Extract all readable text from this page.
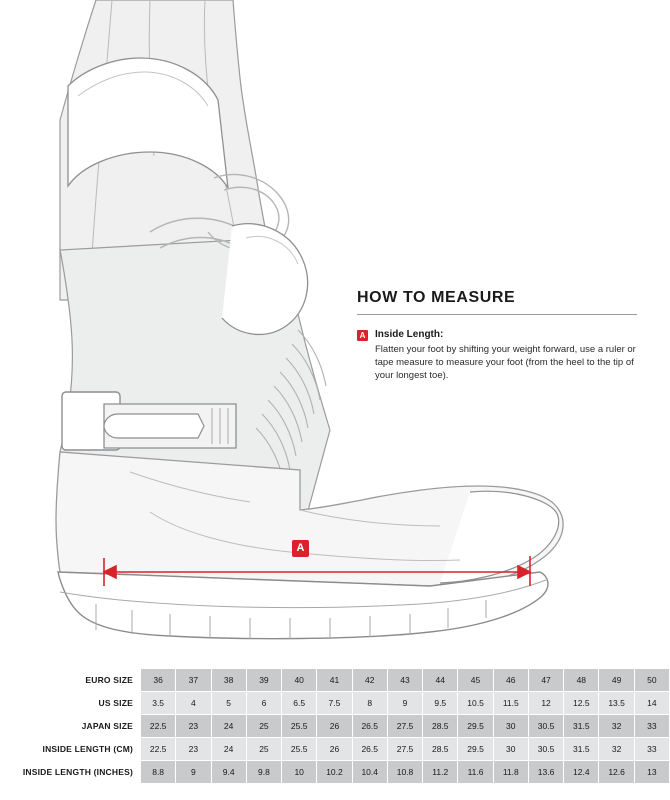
A
HOW TO MEASURE
A Inside Length:
Flatten your foot by shifting your weight forward, use a ruler or tape measure to measure your foot (from the heel to the tip of your longest toe).
EURO SIZE	36	37	38	39	40	41	42	43	44	45	46	47	48	49	50
US SIZE	3.5	4	5	6	6.5	7.5	8	9	9.5	10.5	11.5	12	12.5	13.5	14
JAPAN SIZE	22.5	23	24	25	25.5	26	26.5	27.5	28.5	29.5	30	30.5	31.5	32	33
INSIDE LENGTH (CM)	22.5	23	24	25	25.5	26	26.5	27.5	28.5	29.5	30	30.5	31.5	32	33
INSIDE LENGTH (INCHES)	8.8	9	9.4	9.8	10	10.2	10.4	10.8	11.2	11.6	11.8	13.6	12.4	12.6	13
